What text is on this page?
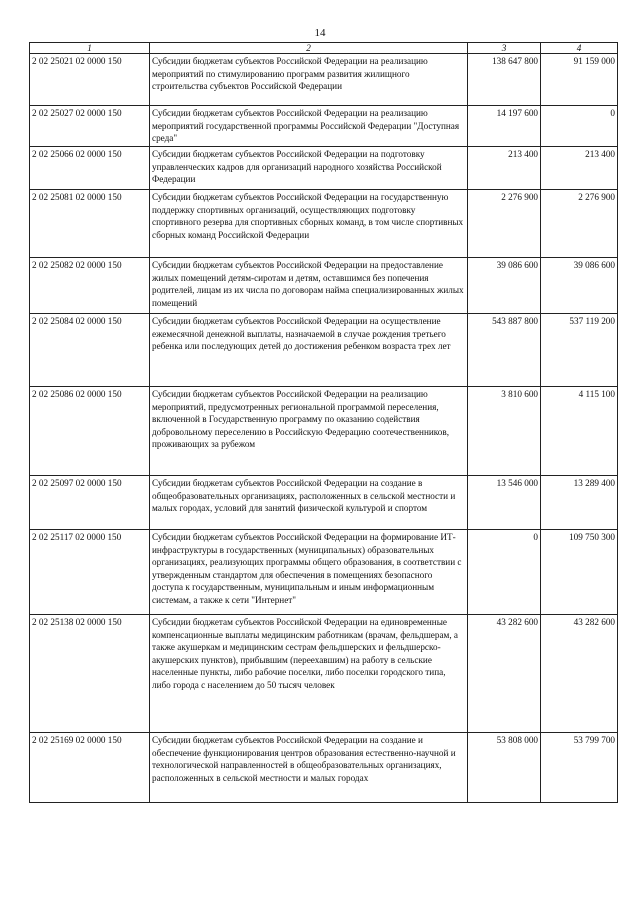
14
1	2	3	4
2 02 25021 02 0000 150	Субсидии бюджетам субъектов Российской Федерации на реализацию мероприятий по стимулированию программ развития жилищного строительства субъектов Российской Федерации	138 647 800	91 159 000
2 02 25027 02 0000 150	Субсидии бюджетам субъектов Российской Федерации на реализацию мероприятий государственной программы Российской Федерации "Доступная среда"	14 197 600	0
2 02 25066 02 0000 150	Субсидии бюджетам субъектов Российской Федерации на подготовку управленческих кадров для организаций народного хозяйства Российской Федерации	213 400	213 400
2 02 25081 02 0000 150	Субсидии бюджетам субъектов Российской Федерации на государственную поддержку спортивных организаций, осуществляющих подготовку спортивного резерва для спортивных сборных команд, в том числе спортивных сборных команд Российской Федерации	2 276 900	2 276 900
2 02 25082 02 0000 150	Субсидии бюджетам субъектов Российской Федерации на предоставление жилых помещений детям-сиротам и детям, оставшимся без попечения родителей, лицам из их числа по договорам найма специализированных жилых помещений	39 086 600	39 086 600
2 02 25084 02 0000 150	Субсидии бюджетам субъектов Российской Федерации на осуществление ежемесячной денежной выплаты, назначаемой в случае рождения третьего ребенка или последующих детей до достижения ребенком возраста трех лет	543 887 800	537 119 200
2 02 25086 02 0000 150	Субсидии бюджетам субъектов Российской Федерации на реализацию мероприятий, предусмотренных региональной программой переселения, включенной в Государственную программу по оказанию содействия добровольному переселению в Российскую Федерацию соотечественников, проживающих за рубежом	3 810 600	4 115 100
2 02 25097 02 0000 150	Субсидии бюджетам субъектов Российской Федерации на создание в общеобразовательных организациях, расположенных в сельской местности и малых городах, условий для занятий физической культурой и спортом	13 546 000	13 289 400
2 02 25117 02 0000 150	Субсидии бюджетам субъектов Российской Федерации на формирование ИТ-инфраструктуры в государственных (муниципальных) образовательных организациях, реализующих программы общего образования, в соответствии с утвержденным стандартом для обеспечения в помещениях безопасного доступа к государственным, муниципальным и иным информационным системам, а также к сети "Интернет"	0	109 750 300
2 02 25138 02 0000 150	Субсидии бюджетам субъектов Российской Федерации на единовременные компенсационные выплаты медицинским работникам (врачам, фельдшерам, а также акушеркам и медицинским сестрам фельдшерских и фельдшерско-акушерских пунктов), прибывшим (переехавшим) на работу в сельские населенные пункты, либо рабочие поселки, либо поселки городского типа, либо города с населением до 50 тысяч человек	43 282 600	43 282 600
2 02 25169 02 0000 150	Субсидии бюджетам субъектов Российской Федерации на создание и обеспечение функционирования центров образования естественно-научной и технологической направленностей в общеобразовательных организациях, расположенных в сельской местности и малых городах	53 808 000	53 799 700
